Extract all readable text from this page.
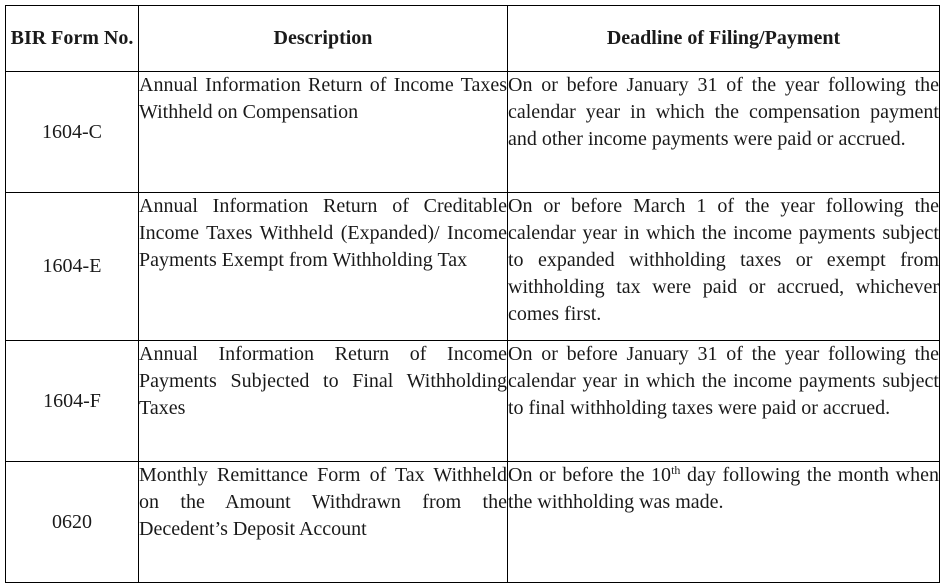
BIR Form No.	Description	Deadline of Filing/Payment
1604-C	Annual Information Return of Income Taxes Withheld on Compensation	On or before January 31 of the year following the calendar year in which the compensation payment and other income payments were paid or accrued.
1604-E	Annual Information Return of Creditable Income Taxes Withheld (Expanded)/ Income Payments Exempt from Withholding Tax	On or before March 1 of the year following the calendar year in which the income payments subject to expanded withholding taxes or exempt from withholding tax were paid or accrued, whichever comes first.
1604-F	Annual Information Return of Income Payments Subjected to Final Withholding Taxes	On or before January 31 of the year following the calendar year in which the income payments subject to final withholding taxes were paid or accrued.
0620	Monthly Remittance Form of Tax Withheld on the Amount Withdrawn from the Decedent’s Deposit Account	On or before the 10th day following the month when the withholding was made.
